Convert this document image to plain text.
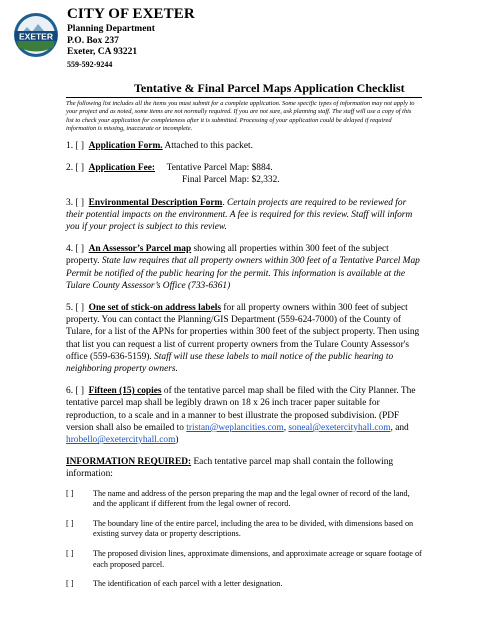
EXETER
CITY OF EXETER
Planning Department
P.O. Box 237
Exeter, CA 93221
559-592-9244
Tentative & Final Parcel Maps Application Checklist
The following list includes all the items you must submit for a complete application. Some specific types of information may not apply to your project and as noted, some items are not normally required. If you are not sure, ask planning staff. The staff will use a copy of this list to check your application for completeness after it is submitted. Processing of your application could be delayed if required information is missing, inaccurate or incomplete.
1. [ ] Application Form. Attached to this packet.
2. [ ] Application Fee: Tentative Parcel Map: $884.
Final Parcel Map: $2,332.
3. [ ] Environmental Description Form. Certain projects are required to be reviewed for their potential impacts on the environment. A fee is required for this review. Staff will inform you if your project is subject to this review.
4. [ ] An Assessor’s Parcel map showing all properties within 300 feet of the subject property. State law requires that all property owners within 300 feet of a Tentative Parcel Map Permit be notified of the public hearing for the permit. This information is available at the Tulare County Assessor’s Office (733-6361)
5. [ ] One set of stick-on address labels for all property owners within 300 feet of subject property. You can contact the Planning/GIS Department (559-624-7000) of the County of Tulare, for a list of the APNs for properties within 300 feet of the subject property. Then using that list you can request a list of current property owners from the Tulare County Assessor's office (559-636-5159). Staff will use these labels to mail notice of the public hearing to neighboring property owners.
6. [ ] Fifteen (15) copies of the tentative parcel map shall be filed with the City Planner. The tentative parcel map shall be legibly drawn on 18 x 26 inch tracer paper suitable for reproduction, to a scale and in a manner to best illustrate the proposed subdivision. (PDF version shall also be emailed to tristan@weplancities.com, soneal@exetercityhall.com, and hrobello@exetercityhall.com)
INFORMATION REQUIRED: Each tentative parcel map shall contain the following information:
[ ] The name and address of the person preparing the map and the legal owner of record of the land, and the applicant if different from the legal owner of record.
[ ] The boundary line of the entire parcel, including the area to be divided, with dimensions based on existing survey data or property descriptions.
[ ] The proposed division lines, approximate dimensions, and approximate acreage or square footage of each proposed parcel.
[ ] The identification of each parcel with a letter designation.
